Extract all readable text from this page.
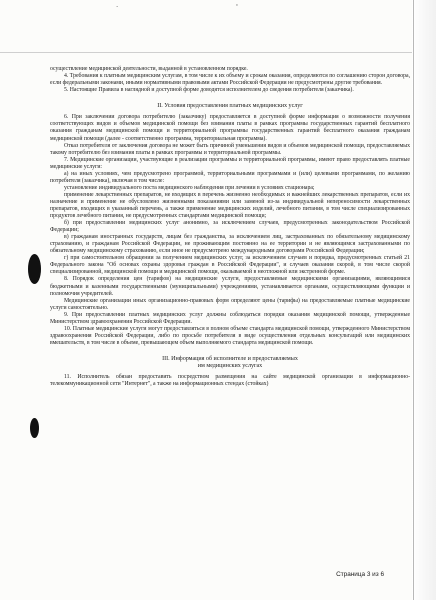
·	'

осуществление медицинской деятельности, выданной в установленном порядке.

4. Требования к платным медицинским услугам, в том числе к их объему и срокам оказания, определяются по соглашению сторон договора, если федеральными законами, иными нормативными правовыми актами Российской Федерации не предусмотрены другие требования.

5. Настоящие Правила в наглядной и доступной форме доводятся исполнителем до сведения потребителя (заказчика).

II. Условия предоставления платных медицинских услуг

6. При заключении договора потребителю (заказчику) предоставляется в доступной форме информация о возможности получения соответствующих видов и объемов медицинской помощи без взимания платы в рамках программы государственных гарантий бесплатного оказания гражданам медицинской помощи и территориальной программы государственных гарантий бесплатного оказания гражданам медицинской помощи (далее - соответственно программа, территориальная программа).

Отказ потребителя от заключения договора не может быть причиной уменьшения видов и объемов медицинской помощи, предоставляемых такому потребителю без взимания платы в рамках программы и территориальной программы.

7. Медицинские организации, участвующие в реализации программы и территориальной программы, имеют право предоставлять платные медицинские услуги:

а) на иных условиях, чем предусмотрено программой, территориальными программами и (или) целевыми программами, по желанию потребителя (заказчика), включая в том числе:

установление индивидуального поста медицинского наблюдения при лечении в условиях стационара;

применение лекарственных препаратов, не входящих в перечень жизненно необходимых и важнейших лекарственных препаратов, если их назначение и применение не обусловлено жизненными показаниями или заменой из-за индивидуальной непереносимости лекарственных препаратов, входящих в указанный перечень, а также применение медицинских изделий, лечебного питания, в том числе специализированных продуктов лечебного питания, не предусмотренных стандартами медицинской помощи;

б) при предоставлении медицинских услуг анонимно, за исключением случаев, предусмотренных законодательством Российской Федерации;

в) гражданам иностранных государств, лицам без гражданства, за исключением лиц, застрахованных по обязательному медицинскому страхованию, и гражданам Российской Федерации, не проживающим постоянно на ее территории и не являющимся застрахованными по обязательному медицинскому страхованию, если иное не предусмотрено международными договорами Российской Федерации;

г) при самостоятельном обращении за получением медицинских услуг, за исключением случаев и порядка, предусмотренных статьей 21 Федерального закона "Об основах охраны здоровья граждан в Российской Федерации", и случаев оказания скорой, в том числе скорой специализированной, медицинской помощи и медицинской помощи, оказываемой в неотложной или экстренной форме.

8. Порядок определения цен (тарифов) на медицинские услуги, предоставляемые медицинскими организациями, являющимися бюджетными и казенными государственными (муниципальными) учреждениями, устанавливается органами, осуществляющими функции и полномочия учредителей.

Медицинские организации иных организационно-правовых форм определяют цены (тарифы) на предоставляемые платные медицинские услуги самостоятельно.

9. При предоставлении платных медицинских услуг должны соблюдаться порядки оказания медицинской помощи, утвержденные Министерством здравоохранения Российской Федерации.

10. Платные медицинские услуги могут предоставляться в полном объеме стандарта медицинской помощи, утвержденного Министерством здравоохранения Российской Федерации, либо по просьбе потребителя в виде осуществления отдельных консультаций или медицинских вмешательств, в том числе в объеме, превышающем объем выполняемого стандарта медицинской помощи.

III. Информация об исполнителе и предоставляемых
им медицинских услугах

11. Исполнитель обязан предоставить посредством размещения на сайте медицинской организации в информационно-телекоммуникационной сети "Интернет", а также на информационных стендах (стойках)

Страница 3 из 6
